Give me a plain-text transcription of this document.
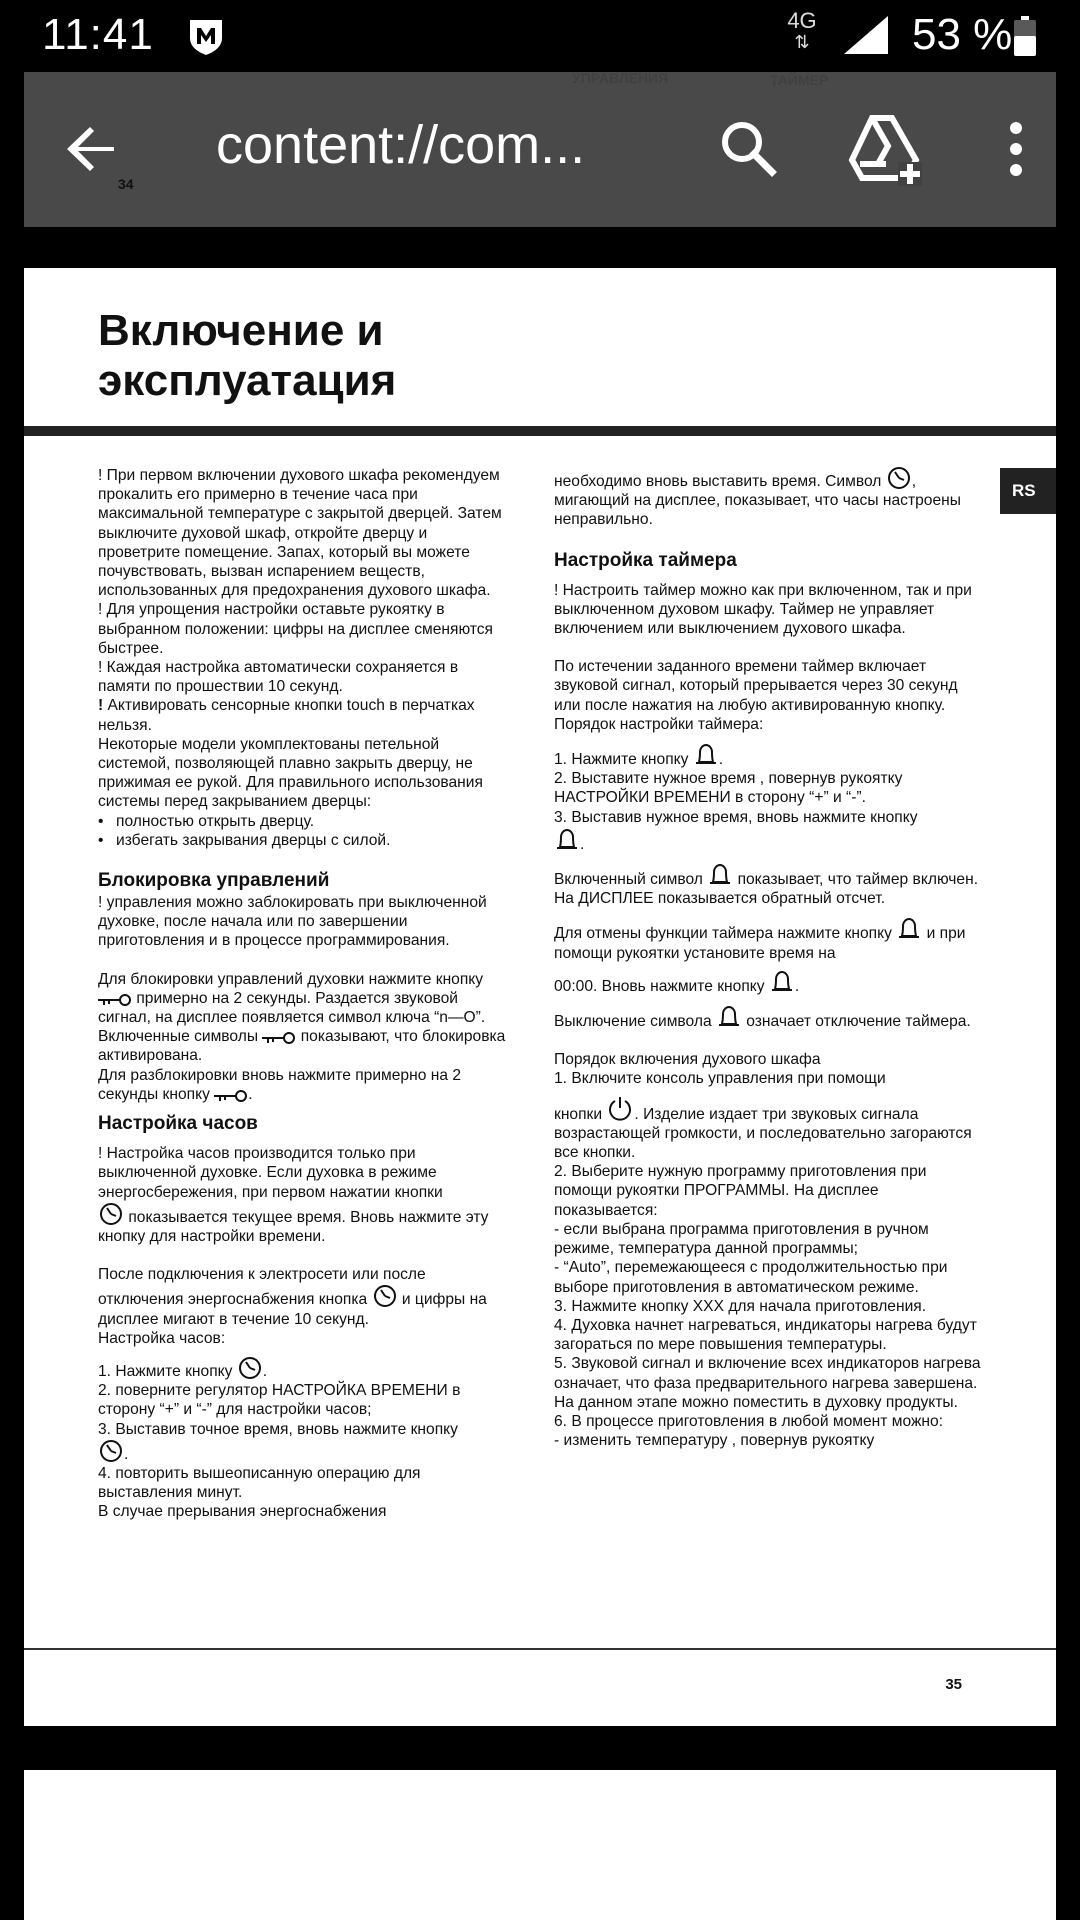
11:41	4G
⇅ 53 %
34
content://com...
Включение и
эксплуатация
RS

! При первом включении духового шкафа рекомендуем прокалить его примерно в течение часа при максимальной температуре с закрытой дверцей. Затем выключите духовой шкаф, откройте дверцу и проветрите помещение. Запах, который вы можете почувствовать, вызван испарением веществ, использованных для предохранения духового шкафа.

! Для упрощения настройки оставьте рукоятку в выбранном положении: цифры на дисплее сменяются быстрее.

! Каждая настройка автоматически сохраняется в памяти по прошествии 10 секунд.

! Активировать сенсорные кнопки touch в перчатках нельзя.

Некоторые модели укомплектованы петельной системой, позволяющей плавно закрыть дверцу, не прижимая ее рукой. Для правильного использования системы перед закрыванием дверцы:

• полностью открыть дверцу.

• избегать закрывания дверцы с силой.

Блокировка управлений

! управления можно заблокировать при выключенной духовке, после начала или по завершении приготовления и в процессе программирования.

Для блокировки управлений духовки нажмите кнопку  примерно на 2 секунды. Раздается звуковой сигнал, на дисплее появляется символ ключа “n—O”. Включенные символы  показывают, что блокировка активирована.

Для разблокировки вновь нажмите примерно на 2 секунды кнопку .

Настройка часов

! Настройка часов производится только при выключенной духовке. Если духовка в режиме энергосбережения, при первом нажатии кнопки

показывается текущее время. Вновь нажмите эту кнопку для настройки времени.

После подключения к электросети или после отключения энергоснабжения кнопка  и цифры на дисплее мигают в течение 10 секунд.

Настройка часов:

1. Нажмите кнопку .

2. поверните регулятор НАСТРОЙКА ВРЕМЕНИ в сторону “+” и “-” для настройки часов;

3. Выставив точное время, вновь нажмите кнопку

.

4. повторить вышеописанную операцию для выставления минут.

В случае прерывания энергоснабжения

необходимо вновь выставить время. Символ , мигающий на дисплее, показывает, что часы настроены неправильно.

Настройка таймера

! Настроить таймер можно как при включенном, так и при выключенном духовом шкафу. Таймер не управляет включением или выключением духового шкафа.

По истечении заданного времени таймер включает звуковой сигнал, который прерывается через 30 секунд или после нажатия на любую активированную кнопку.

Порядок настройки таймера:

1. Нажмите кнопку .

2. Выставите нужное время , повернув рукоятку НАСТРОЙКИ ВРЕМЕНИ в сторону “+” и “-”.

3. Выставив нужное время, вновь нажмите кнопку

.

Включенный символ  показывает, что таймер включен. На ДИСПЛЕЕ показывается обратный отсчет.

Для отмены функции таймера нажмите кнопку  и при помощи рукоятки установите время на

00:00. Вновь нажмите кнопку .

Выключение символа  означает отключение таймера.

Порядок включения духового шкафа

1. Включите консоль управления при помощи

кнопки . Изделие издает три звуковых сигнала возрастающей громкости, и последовательно загораются все кнопки.

2. Выберите нужную программу приготовления при помощи рукоятки ПРОГРАММЫ. На дисплее показывается:

- если выбрана программа приготовления в ручном режиме, температура данной программы;

- “Auto”, перемежающееся с продолжительностью при выборе приготовления в автоматическом режиме.

3. Нажмите кнопку XXX для начала приготовления.

4. Духовка начнет нагреваться, индикаторы нагрева будут загораться по мере повышения температуры.

5. Звуковой сигнал и включение всех индикаторов нагрева означает, что фаза предварительного нагрева завершена. На данном этапе можно поместить в духовку продукты.

6. В процессе приготовления в любой момент можно:

- изменить температуру , повернув рукоятку

35
